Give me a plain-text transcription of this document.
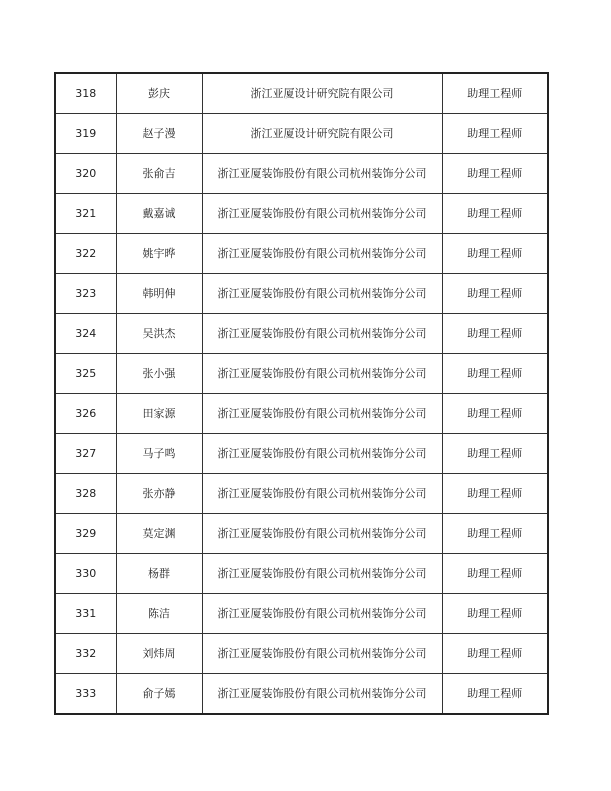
318	彭庆	浙江亚厦设计研究院有限公司	助理工程师
319	赵子漫	浙江亚厦设计研究院有限公司	助理工程师
320	张俞吉	浙江亚厦装饰股份有限公司杭州装饰分公司	助理工程师
321	戴嘉诚	浙江亚厦装饰股份有限公司杭州装饰分公司	助理工程师
322	姚宇晔	浙江亚厦装饰股份有限公司杭州装饰分公司	助理工程师
323	韩明伸	浙江亚厦装饰股份有限公司杭州装饰分公司	助理工程师
324	吴洪杰	浙江亚厦装饰股份有限公司杭州装饰分公司	助理工程师
325	张小强	浙江亚厦装饰股份有限公司杭州装饰分公司	助理工程师
326	田家源	浙江亚厦装饰股份有限公司杭州装饰分公司	助理工程师
327	马子鸣	浙江亚厦装饰股份有限公司杭州装饰分公司	助理工程师
328	张亦静	浙江亚厦装饰股份有限公司杭州装饰分公司	助理工程师
329	莫定渊	浙江亚厦装饰股份有限公司杭州装饰分公司	助理工程师
330	杨群	浙江亚厦装饰股份有限公司杭州装饰分公司	助理工程师
331	陈洁	浙江亚厦装饰股份有限公司杭州装饰分公司	助理工程师
332	刘炜周	浙江亚厦装饰股份有限公司杭州装饰分公司	助理工程师
333	俞子嫣	浙江亚厦装饰股份有限公司杭州装饰分公司	助理工程师
